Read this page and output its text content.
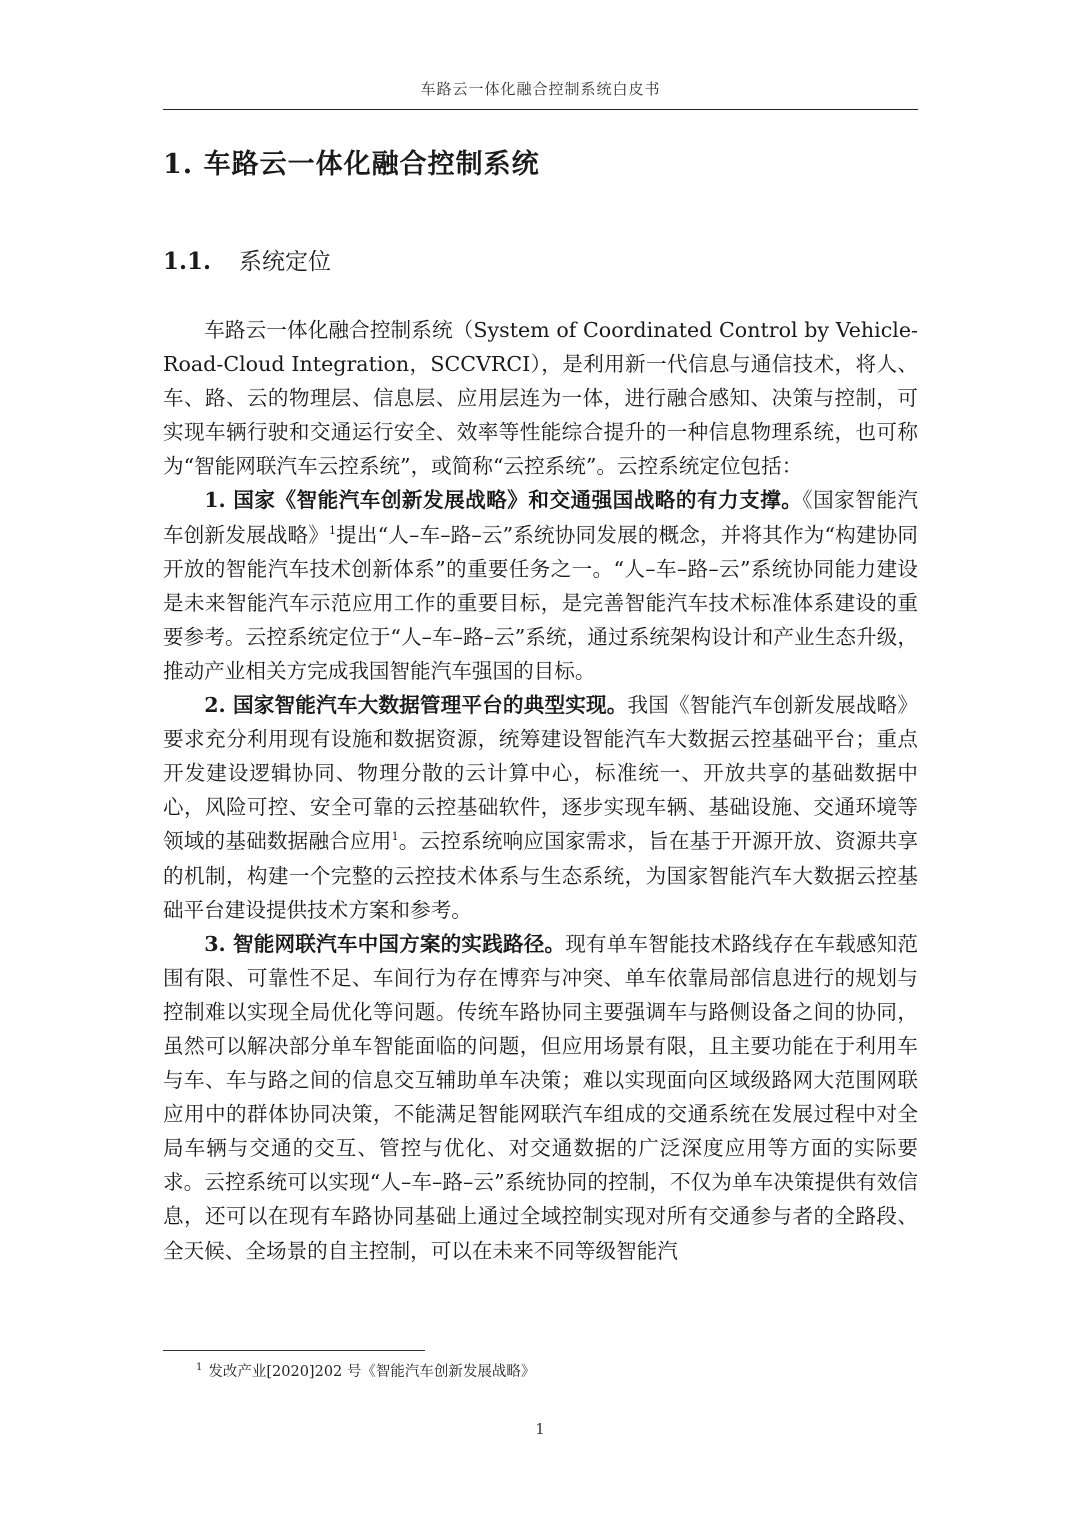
车路云一体化融合控制系统白皮书
1. 车路云一体化融合控制系统
1.1. 系统定位

车路云一体化融合控制系统（System of Coordinated Control by Vehicle-Road-Cloud Integration，SCCVRCI），是利用新一代信息与通信技术，将人、车、路、云的物理层、信息层、应用层连为一体，进行融合感知、决策与控制，可实现车辆行驶和交通运行安全、效率等性能综合提升的一种信息物理系统，也可称为“智能网联汽车云控系统”，或简称“云控系统”。云控系统定位包括：

1. 国家《智能汽车创新发展战略》和交通强国战略的有力支撑。《国家智能汽车创新发展战略》$^1$提出“人–车–路–云”系统协同发展的概念，并将其作为“构建协同开放的智能汽车技术创新体系”的重要任务之一。“人–车–路–云”系统协同能力建设是未来智能汽车示范应用工作的重要目标，是完善智能汽车技术标准体系建设的重要参考。云控系统定位于“人–车–路–云”系统，通过系统架构设计和产业生态升级，推动产业相关方完成我国智能汽车强国的目标。

2. 国家智能汽车大数据管理平台的典型实现。我国《智能汽车创新发展战略》要求充分利用现有设施和数据资源，统筹建设智能汽车大数据云控基础平台；重点开发建设逻辑协同、物理分散的云计算中心，标准统一、开放共享的基础数据中心，风险可控、安全可靠的云控基础软件，逐步实现车辆、基础设施、交通环境等领域的基础数据融合应用$^1$。云控系统响应国家需求，旨在基于开源开放、资源共享的机制，构建一个完整的云控技术体系与生态系统，为国家智能汽车大数据云控基础平台建设提供技术方案和参考。

3. 智能网联汽车中国方案的实践路径。现有单车智能技术路线存在车载感知范围有限、可靠性不足、车间行为存在博弈与冲突、单车依靠局部信息进行的规划与控制难以实现全局优化等问题。传统车路协同主要强调车与路侧设备之间的协同，虽然可以解决部分单车智能面临的问题，但应用场景有限，且主要功能在于利用车与车、车与路之间的信息交互辅助单车决策；难以实现面向区域级路网大范围网联应用中的群体协同决策，不能满足智能网联汽车组成的交通系统在发展过程中对全局车辆与交通的交互、管控与优化、对交通数据的广泛深度应用等方面的实际要求。云控系统可以实现“人–车–路–云”系统协同的控制，不仅为单车决策提供有效信息，还可以在现有车路协同基础上通过全域控制实现对所有交通参与者的全路段、全天候、全场景的自主控制，可以在未来不同等级智能汽

$^1$ 发改产业[2020]202 号《智能汽车创新发展战略》
1
